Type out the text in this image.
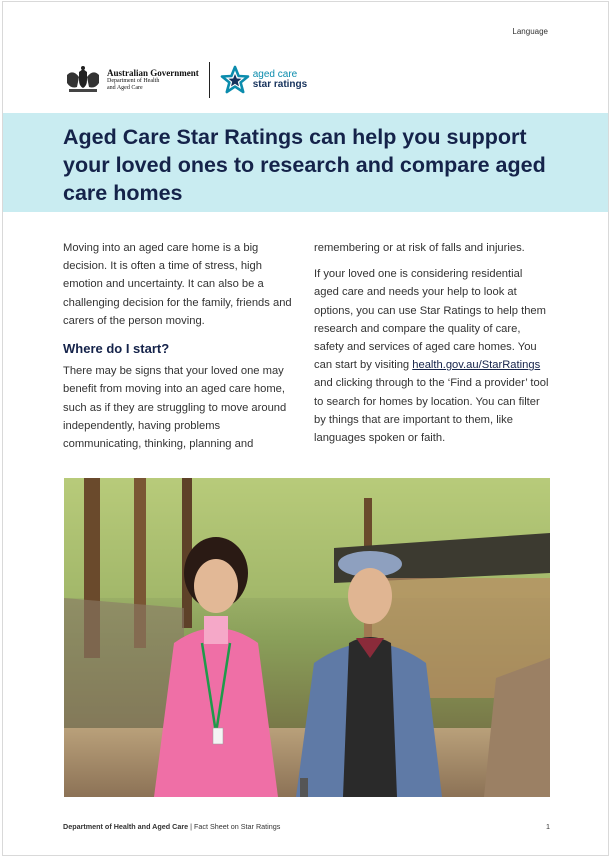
Language
Australian Government
Department of Health
and Aged Care
aged care
star ratings
Aged Care Star Ratings can help you support your loved ones to research and compare aged care homes

Moving into an aged care home is a big decision. It is often a time of stress, high emotion and uncertainty. It can also be a challenging decision for the family, friends and carers of the person moving.

Where do I start?

There may be signs that your loved one may benefit from moving into an aged care home, such as if they are struggling to move around independently, having problems communicating, thinking, planning and

remembering or at risk of falls and injuries.

If your loved one is considering residential aged care and needs your help to look at options, you can use Star Ratings to help them research and compare the quality of care, safety and services of aged care homes. You can start by visiting health.gov.au/StarRatings and clicking through to the ‘Find a provider’ tool to search for homes by location. You can filter by things that are important to them, like languages spoken or faith.

Department of Health and Aged Care | Fact Sheet on Star Ratings	1
